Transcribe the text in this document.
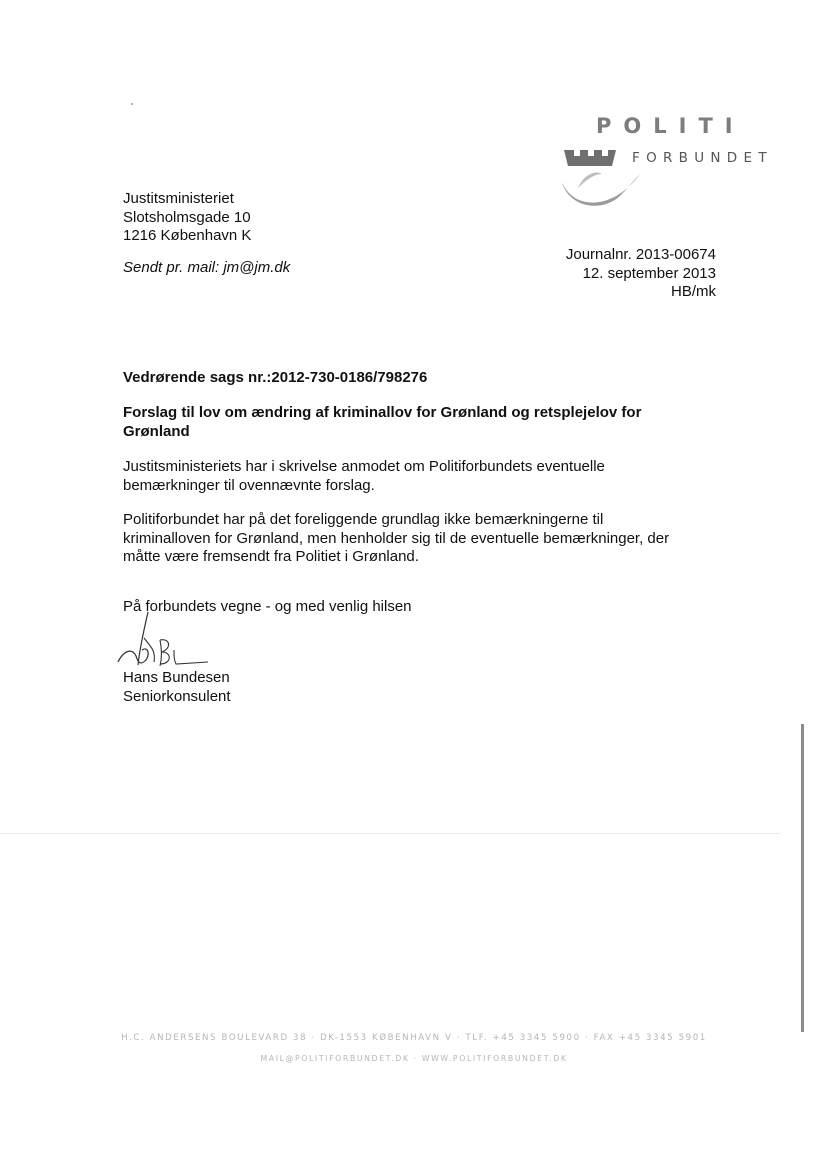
POLITI
FORBUNDET
Justitsministeriet
Slotsholmsgade 10
1216 København K
Sendt pr. mail: jm@jm.dk
Journalnr. 2013-00674
12. september 2013
HB/mk
Vedrørende sags nr.:2012-730-0186/798276
Forslag til lov om ændring af kriminallov for Grønland og retsplejelov for
Grønland
Justitsministeriets har i skrivelse anmodet om Politiforbundets eventuelle
bemærkninger til ovennævnte forslag.
Politiforbundet har på det foreliggende grundlag ikke bemærkningerne til
kriminalloven for Grønland, men henholder sig til de eventuelle bemærkninger, der
måtte være fremsendt fra Politiet i Grønland.
På forbundets vegne - og med venlig hilsen
Hans Bundesen
Seniorkonsulent
H.C. ANDERSENS BOULEVARD 38 · DK-1553 KØBENHAVN V · TLF. +45 3345 5900 · FAX +45 3345 5901
MAIL@POLITIFORBUNDET.DK · WWW.POLITIFORBUNDET.DK
